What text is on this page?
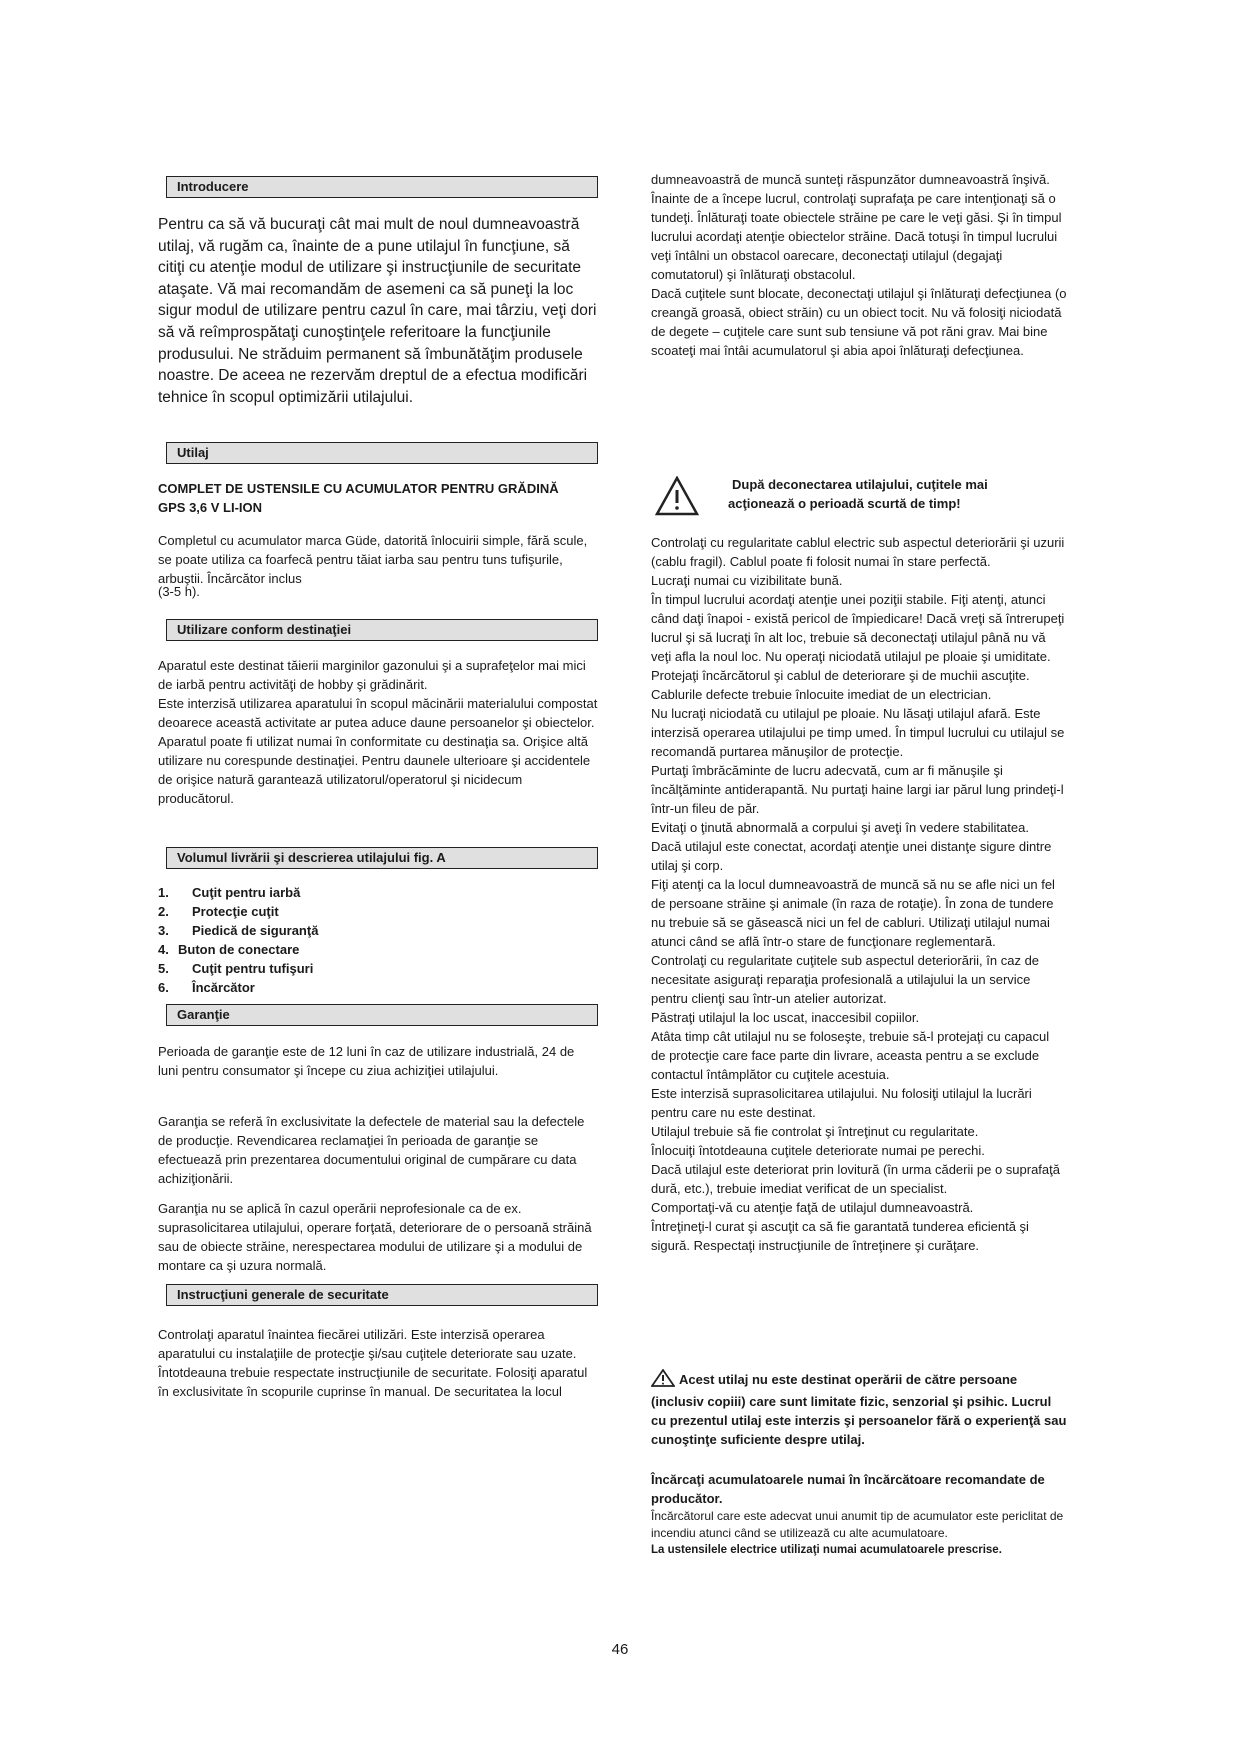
Introducere

Pentru ca să vă bucuraţi cât mai mult de noul dumneavoastră utilaj, vă rugăm ca, înainte de a pune utilajul în funcţiune, să citiţi cu atenţie modul de utilizare şi instrucţiunile de securitate ataşate. Vă mai recomandăm de asemeni ca să puneţi la loc sigur modul de utilizare pentru cazul în care, mai târziu, veţi dori să vă reîmprospătaţi cunoştinţele referitoare la funcţiunile produsului. Ne străduim permanent să îmbunătăţim produsele noastre. De aceea ne rezervăm dreptul de a efectua modificări tehnice în scopul optimizării utilajului.

Utilaj

COMPLET DE USTENSILE CU ACUMULATOR PENTRU GRĂDINĂ GPS 3,6 V LI-ION

Completul cu acumulator marca Güde, datorită înlocuirii simple, fără scule, se poate utiliza ca foarfecă pentru tăiat iarba sau pentru tuns tufişurile, arbuştii. Încărcător inclus

(3-5 h).

Utilizare conform destinaţiei

Aparatul este destinat tăierii marginilor gazonului şi a suprafeţelor mai mici de iarbă pentru activităţi de hobby şi grădinărit.

Este interzisă utilizarea aparatului în scopul măcinării materialului compostat deoarece această activitate ar putea aduce daune persoanelor şi obiectelor.

Aparatul poate fi utilizat numai în conformitate cu destinaţia sa. Orişice altă utilizare nu corespunde destinaţiei. Pentru daunele ulterioare şi accidentele de orişice natură garantează utilizatorul/operatorul şi nicidecum producătorul.

Volumul livrării şi descrierea utilajului fig. A
1.	Cuţit pentru iarbă
2.	Protecţie cuţit
3.	Piedică de siguranţă
4. Buton de conectare
5.	Cuţit pentru tufişuri
6.	Încărcător
Garanţie

Perioada de garanţie este de 12 luni în caz de utilizare industrială, 24 de luni pentru consumator şi începe cu ziua achiziţiei utilajului.

Garanţia se referă în exclusivitate la defectele de material sau la defectele de producţie. Revendicarea reclamaţiei în perioada de garanţie se efectuează prin prezentarea documentului original de cumpărare cu data achiziţionării.

Garanţia nu se aplică în cazul operării neprofesionale ca de ex. suprasolicitarea utilajului, operare forţată, deteriorare de o persoană străină sau de obiecte străine, nerespectarea modului de utilizare şi a modului de montare ca şi uzura normală.

Instrucţiuni generale de securitate

Controlaţi aparatul înaintea fiecărei utilizări. Este interzisă operarea aparatului cu instalaţiile de protecţie şi/sau cuţitele deteriorate sau uzate. Întotdeauna trebuie respectate instrucţiunile de securitate. Folosiţi aparatul în exclusivitate în scopurile cuprinse în manual. De securitatea la locul

dumneavoastră de muncă sunteţi răspunzător dumneavoastră înşivă.

Înainte de a începe lucrul, controlaţi suprafaţa pe care intenţionaţi să o tundeţi. Înlăturaţi toate obiectele străine pe care le veţi găsi. Şi în timpul lucrului acordaţi atenţie obiectelor străine. Dacă totuşi în timpul lucrului veţi întâlni un obstacol oarecare, deconectaţi utilajul (degajaţi comutatorul) şi înlăturaţi obstacolul.

Dacă cuţitele sunt blocate, deconectaţi utilajul şi înlăturaţi defecţiunea (o creangă groasă, obiect străin) cu un obiect tocit. Nu vă folosiţi niciodată de degete – cuţitele care sunt sub tensiune vă pot răni grav. Mai bine scoateţi mai întâi acumulatorul şi abia apoi înlăturaţi defecţiunea.

După deconectarea utilajului, cuţitele mai
acţionează o perioadă scurtă de timp!

Controlaţi cu regularitate cablul electric sub aspectul deteriorării şi uzurii (cablu fragil). Cablul poate fi folosit numai în stare perfectă.

Lucraţi numai cu vizibilitate bună.

În timpul lucrului acordaţi atenţie unei poziţii stabile. Fiţi atenţi, atunci când daţi înapoi - există pericol de împiedicare! Dacă vreţi să întrerupeţi lucrul şi să lucraţi în alt loc, trebuie să deconectaţi utilajul până nu vă veţi afla la noul loc. Nu operaţi niciodată utilajul pe ploaie şi umiditate.

Protejaţi încărcătorul şi cablul de deteriorare şi de muchii ascuţite. Cablurile defecte trebuie înlocuite imediat de un electrician.

Nu lucraţi niciodată cu utilajul pe ploaie. Nu lăsaţi utilajul afară. Este interzisă operarea utilajului pe timp umed. În timpul lucrului cu utilajul se recomandă purtarea mănuşilor de protecţie.

Purtaţi îmbrăcăminte de lucru adecvată, cum ar fi mănuşile şi încălţăminte antiderapantă. Nu purtaţi haine largi iar părul lung prindeţi-l într-un fileu de păr.

Evitaţi o ţinută abnormală a corpului şi aveţi în vedere stabilitatea.

Dacă utilajul este conectat, acordaţi atenţie unei distanţe sigure dintre utilaj şi corp.

Fiţi atenţi ca la locul dumneavoastră de muncă să nu se afle nici un fel de persoane străine şi animale (în raza de rotaţie). În zona de tundere nu trebuie să se găsească nici un fel de cabluri. Utilizaţi utilajul numai atunci când se află într-o stare de funcţionare reglementară.

Controlaţi cu regularitate cuţitele sub aspectul deteriorării, în caz de necesitate asiguraţi reparaţia profesională a utilajului la un service pentru clienţi sau într-un atelier autorizat.

Păstraţi utilajul la loc uscat, inaccesibil copiilor.

Atâta timp cât utilajul nu se foloseşte, trebuie să-l protejaţi cu capacul de protecţie care face parte din livrare, aceasta pentru a se exclude contactul întâmplător cu cuţitele acestuia.

Este interzisă suprasolicitarea utilajului. Nu folosiţi utilajul la lucrări pentru care nu este destinat.

Utilajul trebuie să fie controlat şi întreţinut cu regularitate.

Înlocuiţi întotdeauna cuţitele deteriorate numai pe perechi.

Dacă utilajul este deteriorat prin lovitură (în urma căderii pe o suprafaţă dură, etc.), trebuie imediat verificat de un specialist.

Comportaţi-vă cu atenţie faţă de utilajul dumneavoastră.

Întreţineţi-l curat şi ascuţit ca să fie garantată tunderea eficientă şi sigură. Respectaţi instrucţiunile de întreţinere şi curăţare.

Acest utilaj nu este destinat operării de către persoane (inclusiv copiii) care sunt limitate fizic, senzorial şi psihic. Lucrul cu prezentul utilaj este interzis şi persoanelor fără o experienţă sau cunoştinţe suficiente despre utilaj.

Încărcaţi acumulatoarele numai în încărcătoare recomandate de producător.

Încărcătorul care este adecvat unui anumit tip de acumulator este periclitat de incendiu atunci când se utilizează cu alte acumulatoare.

La ustensilele electrice utilizaţi numai acumulatoarele prescrise.

46
